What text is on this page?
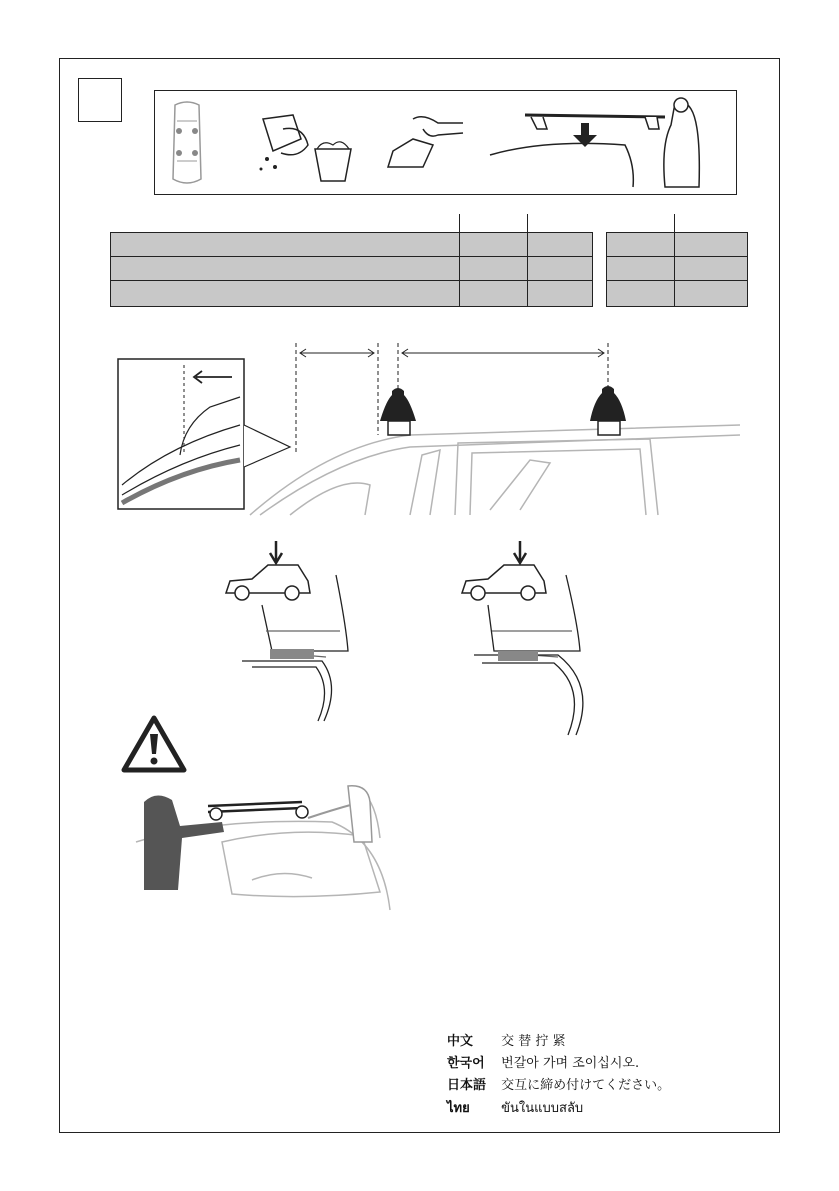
中文 交 替 拧 紧
한국어 번갈아 가며 조이십시오.
日本語 交互に締め付けてください。
ไทย ขันในแบบสลับ
